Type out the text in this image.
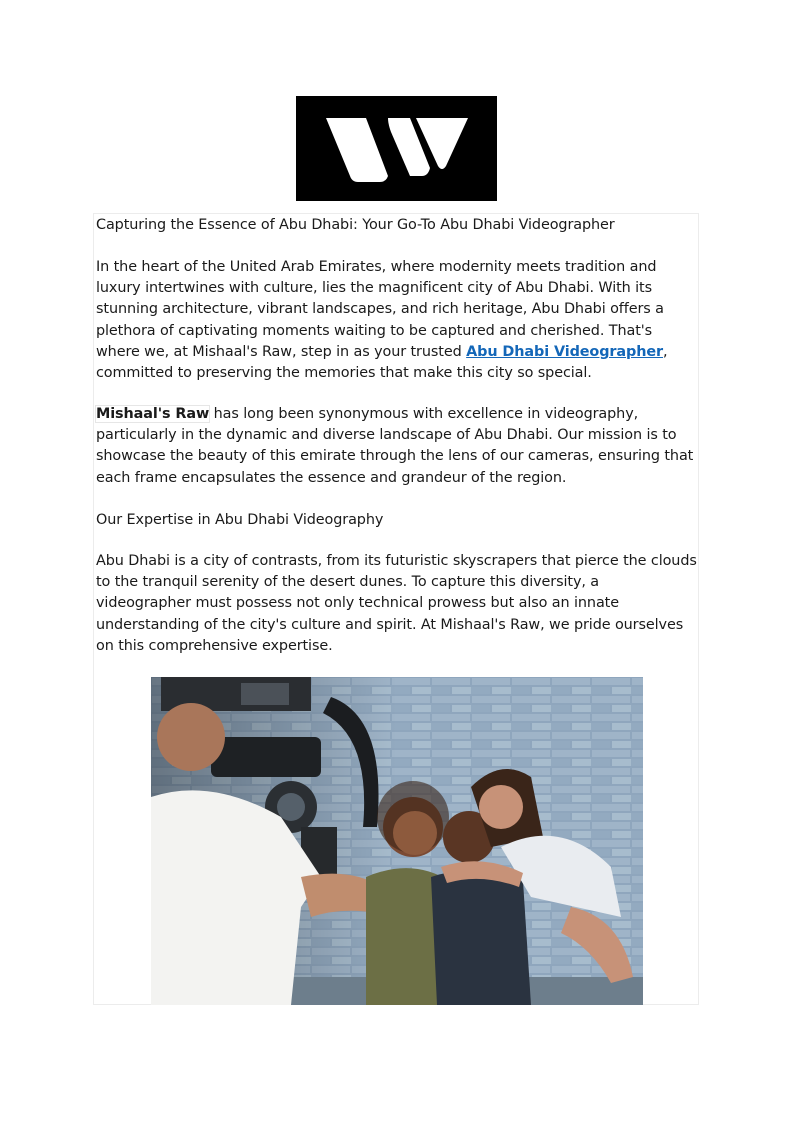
Capturing the Essence of Abu Dhabi: Your Go-To Abu Dhabi Videographer

In the heart of the United Arab Emirates, where modernity meets tradition and luxury intertwines with culture, lies the magnificent city of Abu Dhabi. With its stunning architecture, vibrant landscapes, and rich heritage, Abu Dhabi offers a plethora of captivating moments waiting to be captured and cherished. That's where we, at Mishaal's Raw, step in as your trusted Abu Dhabi Videographer, committed to preserving the memories that make this city so special.

Mishaal's Raw has long been synonymous with excellence in videography, particularly in the dynamic and diverse landscape of Abu Dhabi. Our mission is to showcase the beauty of this emirate through the lens of our cameras, ensuring that each frame encapsulates the essence and grandeur of the region.

Our Expertise in Abu Dhabi Videography

Abu Dhabi is a city of contrasts, from its futuristic skyscrapers that pierce the clouds to the tranquil serenity of the desert dunes. To capture this diversity, a videographer must possess not only technical prowess but also an innate understanding of the city's culture and spirit. At Mishaal's Raw, we pride ourselves on this comprehensive expertise.
